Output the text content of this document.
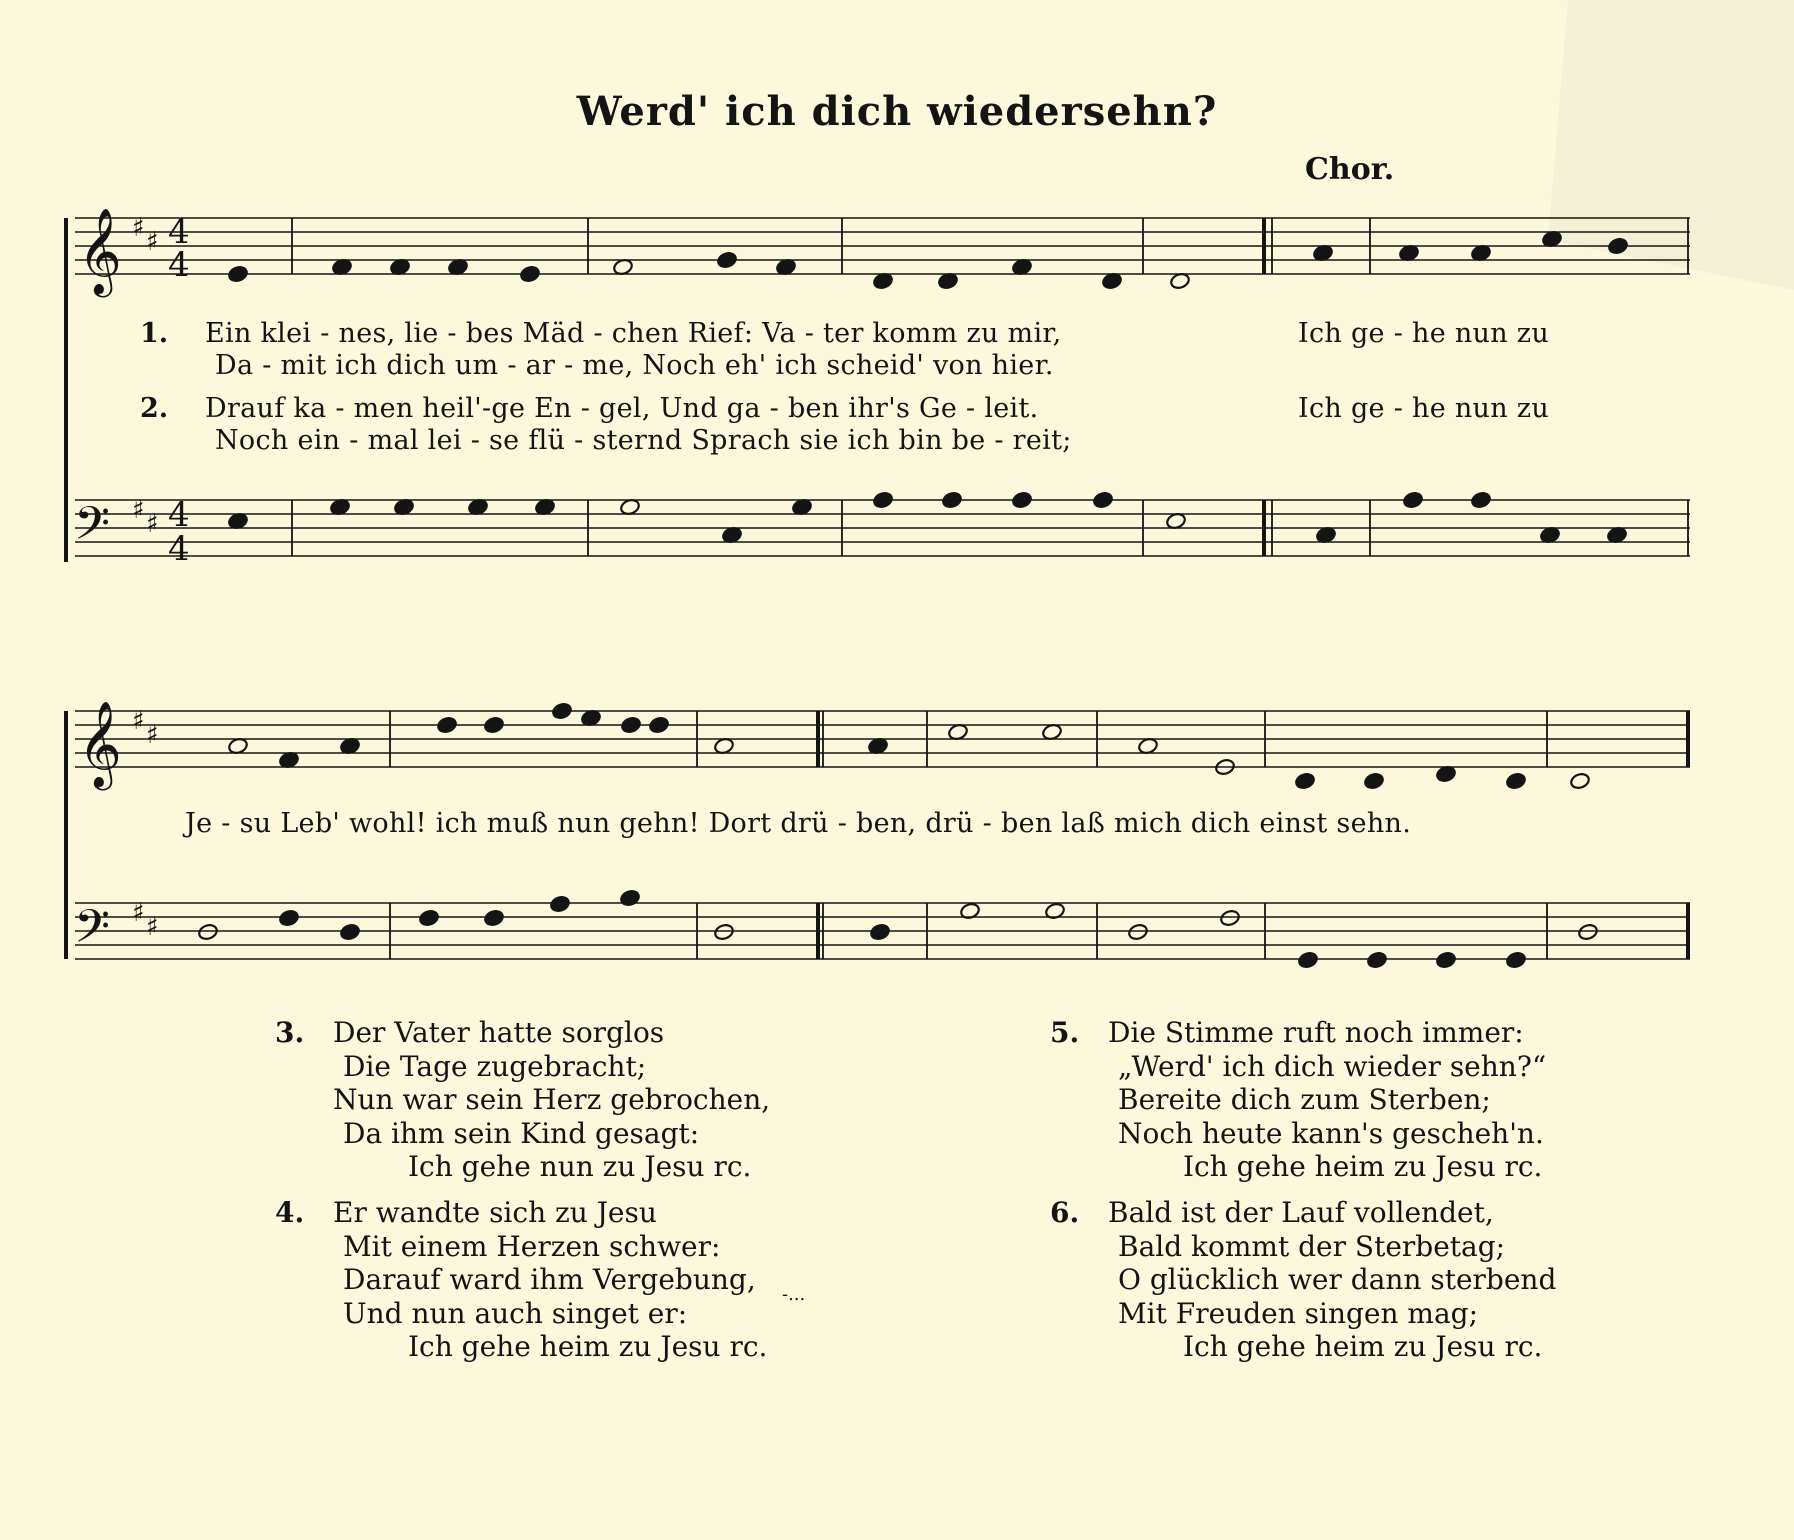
Werd' ich dich wiedersehn?
Chor.
𝄞 ♯ ♯ 4
4
𝄢 ♯ ♯ 4
4
𝄞 ♯ ♯
𝄢 ♯ ♯
1. Ein klei - nes, lie - bes Mäd - chen Rief: Va - ter komm zu mir,
Da - mit ich dich um - ar - me, Noch eh' ich scheid' von hier.
Ich ge - he nun zu
2. Drauf ka - men heil'-ge En - gel, Und ga - ben ihr's Ge - leit.
Noch ein - mal lei - se flü - sternd Sprach sie ich bin be - reit;
Ich ge - he nun zu
Je - su Leb' wohl! ich muß nun gehn! Dort drü - ben, drü - ben laß mich dich einst sehn.
3. Der Vater hatte sorglos
Die Tage zugebracht;
Nun war sein Herz gebrochen,
Da ihm sein Kind gesagt:
Ich gehe nun zu Jesu rc.
4. Er wandte sich zu Jesu
Mit einem Herzen schwer:
Darauf ward ihm Vergebung,
Und nun auch singet er:
Ich gehe heim zu Jesu rc.
5. Die Stimme ruft noch immer:
„Werd' ich dich wieder sehn?“
Bereite dich zum Sterben;
Noch heute kann's gescheh'n.
Ich gehe heim zu Jesu rc.
6. Bald ist der Lauf vollendet,
Bald kommt der Sterbetag;
O glücklich wer dann sterbend
Mit Freuden singen mag;
Ich gehe heim zu Jesu rc.
-...
